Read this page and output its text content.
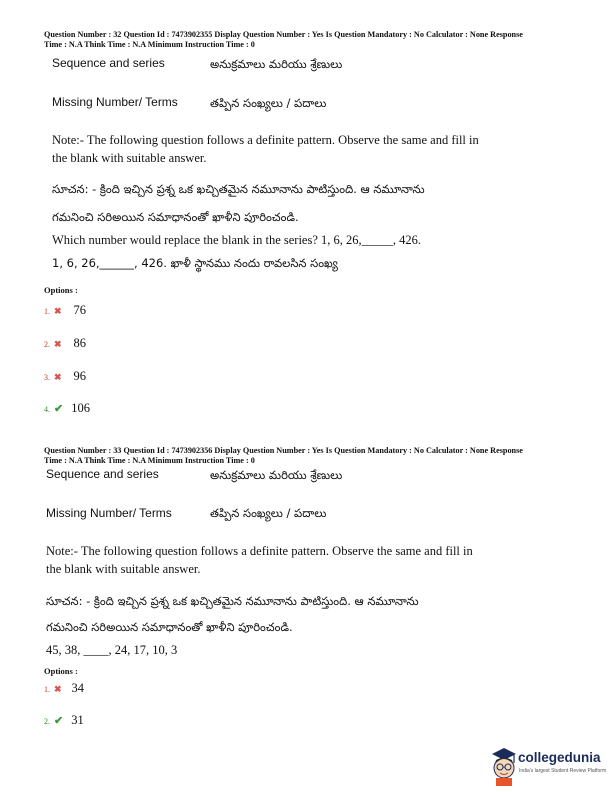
Question Number : 32 Question Id : 7473902355 Display Question Number : Yes Is Question Mandatory : No Calculator : None Response
Time : N.A Think Time : N.A Minimum Instruction Time : 0
Sequence and series	అనుక్రమాలు మరియు శ్రేణులు
Missing Number/ Terms	తప్పిన సంఖ్యలు / పదాలు
Note:- The following question follows a definite pattern. Observe the same and fill in
the blank with suitable answer.
సూచన: - క్రింది ఇచ్చిన ప్రశ్న ఒక ఖచ్చితమైన నమూనాను పాటిస్తుంది. ఆ నమూనాను
గమనించి సరిఅయిన సమాధానంతో ఖాళీని పూరించండి.
Which number would replace the blank in the series? 1, 6, 26,_____, 426.
1, 6, 26,______, 426. ఖాళీ స్థానము నందు రావలసిన సంఖ్య
Options :
1. ✖ 76
2. ✖ 86
3. ✖ 96
4. ✔ 106
Question Number : 33 Question Id : 7473902356 Display Question Number : Yes Is Question Mandatory : No Calculator : None Response
Time : N.A Think Time : N.A Minimum Instruction Time : 0
Sequence and series	అనుక్రమాలు మరియు శ్రేణులు
Missing Number/ Terms	తప్పిన సంఖ్యలు / పదాలు
Note:- The following question follows a definite pattern. Observe the same and fill in
the blank with suitable answer.
సూచన: - క్రింది ఇచ్చిన ప్రశ్న ఒక ఖచ్చితమైన నమూనాను పాటిస్తుంది. ఆ నమూనాను
గమనించి సరిఅయిన సమాధానంతో ఖాళీని పూరించండి.
45, 38, ____, 24, 17, 10, 3
Options :
1. ✖ 34
2. ✔ 31
collegedunia
India's largest Student Review Platform
